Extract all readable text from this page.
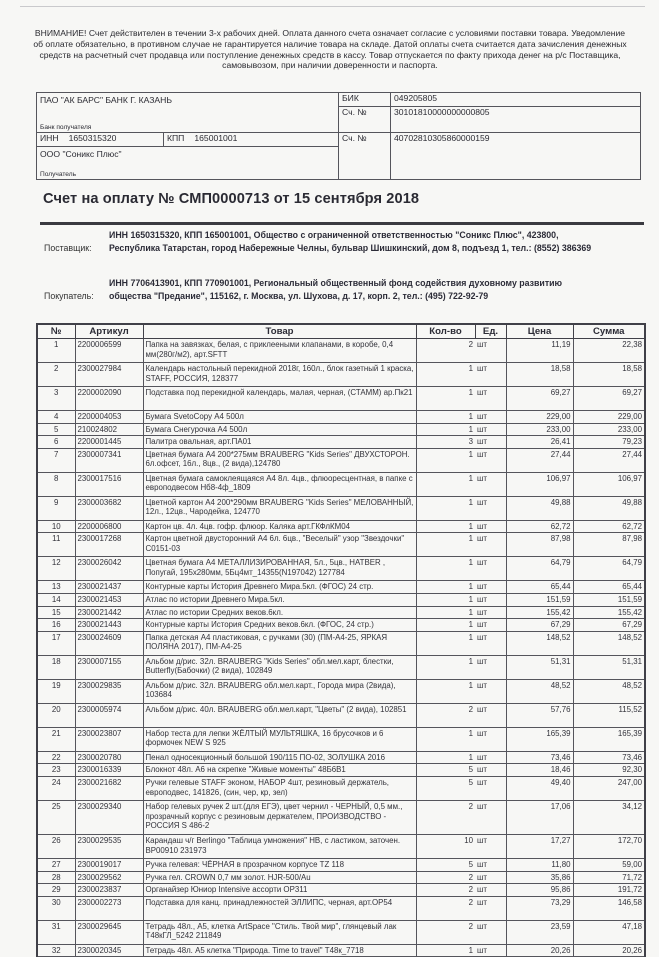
ВНИМАНИЕ! Счет действителен в течении 3-х рабочих дней. Оплата данного счета означает согласие с условиями поставки товара. Уведомление об оплате обязательно, в противном случае не гарантируется наличие товара на складе. Датой оплаты счета считается дата зачисления денежных средств на расчетный счет продавца или поступление денежных средств в кассу. Товар отпускается по факту прихода денег на р/с Поставщика, самовывозом, при наличии доверенности и паспорта.
ПАО "АК БАРС" БАНК Г. КАЗАНЬ
Банк получателя
БИК	049205805
Сч. №	30101810000000000805
ИНН 1650315320	КПП 165001001
ООО "Соникс Плюс"
Получатель
Сч. №	40702810305860000159
Счет на оплату № СМП0000713 от 15 сентября 2018
Поставщик:
ИНН 1650315320, КПП 165001001, Общество с ограниченной ответственностью "Соникс Плюс", 423800, Республика Татарстан, город Набережные Челны, бульвар Шишкинский, дом 8, подъезд 1, тел.: (8552) 386369
Покупатель:
ИНН 7706413901, КПП 770901001, Региональный общественный фонд содействия духовному развитию общества "Предание", 115162, г. Москва, ул. Шухова, д. 17, корп. 2, тел.: (495) 722-92-79
№	Артикул	Товар	Кол-во	Ед.	Цена	Сумма
1	2200006599	Папка на завязках, белая, с приклееными клапанами, в коробе, 0,4 мм(280г/м2), арт.SFTT	2	шт	11,19	22,38
2	2300027984	Календарь настольный перекидной 2018г, 160л., блок газетный 1 краска, STAFF, РОССИЯ, 128377	1	шт	18,58	18,58
3	2200002090	Подставка под перекидной календарь, малая, черная, (СТАММ) ар.Пк21	1	шт	69,27	69,27
4	2200004053	Бумага SvetoCopy А4 500л	1	шт	229,00	229,00
5	210024802	Бумага Снегурочка А4 500л	1	шт	233,00	233,00
6	2200001445	Палитра овальная, арт.ПА01	3	шт	26,41	79,23
7	2300007341	Цветная бумага А4 200*275мм BRAUBERG "Kids Series" ДВУХСТОРОН. 6л.офсет, 16л., 8цв., (2 вида),124780	1	шт	27,44	27,44
8	2300017516	Цветная бумага самоклеящаяся А4 8л. 4цв., флюоресцентная, в папке с европодвесом Нб8-4ф_1809	1	шт	106,97	106,97
9	2300003682	Цветной картон А4 200*290мм BRAUBERG "Kids Series" МЕЛОВАННЫЙ, 12л., 12цв., Чародейка, 124770	1	шт	49,88	49,88
10	2200006800	Картон цв. 4л. 4цв. гофр. флюор. Каляка арт.ГКФлКМ04	1	шт	62,72	62,72
11	2300017268	Картон цветной двусторонний А4 6л. 6цв., "Веселый" узор "Звездочки" С0151-03	1	шт	87,98	87,98
12	2300026042	Цветная бумага А4 МЕТАЛЛИЗИРОВАННАЯ, 5л., 5цв., HATBER , Попугай, 195х280мм, 5Бц4мт_14355(N197042) 127784	1	шт	64,79	64,79
13	2300021437	Контурные карты История Древнего Мира.5кл. (ФГОС) 24 стр.	1	шт	65,44	65,44
14	2300021453	Атлас по истории Древнего Мира.5кл.	1	шт	151,59	151,59
15	2300021442	Атлас по истории Средних веков.6кл.	1	шт	155,42	155,42
16	2300021443	Контурные карты История Средних веков.6кл. (ФГОС, 24 стр.)	1	шт	67,29	67,29
17	2300024609	Папка детская А4 пластиковая, с ручками (30) (ПМ-А4-25, ЯРКАЯ ПОЛЯНА 2017), ПМ-А4-25	1	шт	148,52	148,52
18	2300007155	Альбом д/рис. 32л. BRAUBERG "Kids Series" обл.мел.карт, блестки, Butterfly(Бабочки) (2 вида), 102849	1	шт	51,31	51,31
19	2300029835	Альбом д/рис. 32л. BRAUBERG обл.мел.карт., Города мира (2вида), 103684	1	шт	48,52	48,52
20	2300005974	Альбом д/рис. 40л. BRAUBERG обл.мел.карт, "Цветы" (2 вида), 102851	2	шт	57,76	115,52
21	2300023807	Набор теста для лепки ЖЁЛТЫЙ МУЛЬТЯШКА, 16 брусочков и 6 формочек NEW S 925	1	шт	165,39	165,39
22	2300020780	Пенал односекционный большой 190/115 ПО-02, ЗОЛУШКА 2016	1	шт	73,46	73,46
23	2300016339	Блокнот 48л. А6 на скрепке "Живые моменты" 48Б6В1	5	шт	18,46	92,30
24	2300021682	Ручки гелевые STAFF эконом, НАБОР 4шт, резиновый держатель, европодвес, 141826, (син, чер, кр, зел)	5	шт	49,40	247,00
25	2300029340	Набор гелевых ручек 2 шт.(для ЕГЭ), цвет чернил - ЧЕРНЫЙ, 0,5 мм., прозрачный корпус с резиновым держателем, ПРОИЗВОДСТВО - РОССИЯ S 486-2	2	шт	17,06	34,12
26	2300029535	Карандаш ч/г Berlingo "Таблица умножения" НВ, с ластиком, заточен. ВР00910 231973	10	шт	17,27	172,70
27	2300019017	Ручка гелевая: ЧЁРНАЯ в прозрачном корпусе TZ 118	5	шт	11,80	59,00
28	2300029562	Ручка гел. CROWN 0,7 мм золот. HJR-500/Au	2	шт	35,86	71,72
29	2300023837	Органайзер Юниор Intensive ассорти ОР311	2	шт	95,86	191,72
30	2300002273	Подставка для канц. принадлежностей ЭЛЛИПС, черная, арт.ОР54	2	шт	73,29	146,58
31	2300029645	Тетрадь 48л., А5, клетка ArtSpace "Стиль. Твой мир", глянцевый лак Т48кГЛ_5242 211849	2	шт	23,59	47,18
32	2300020345	Тетрадь 48л. А5 клетка "Природа. Time to travel" Т48к_7718	1	шт	20,26	20,26
